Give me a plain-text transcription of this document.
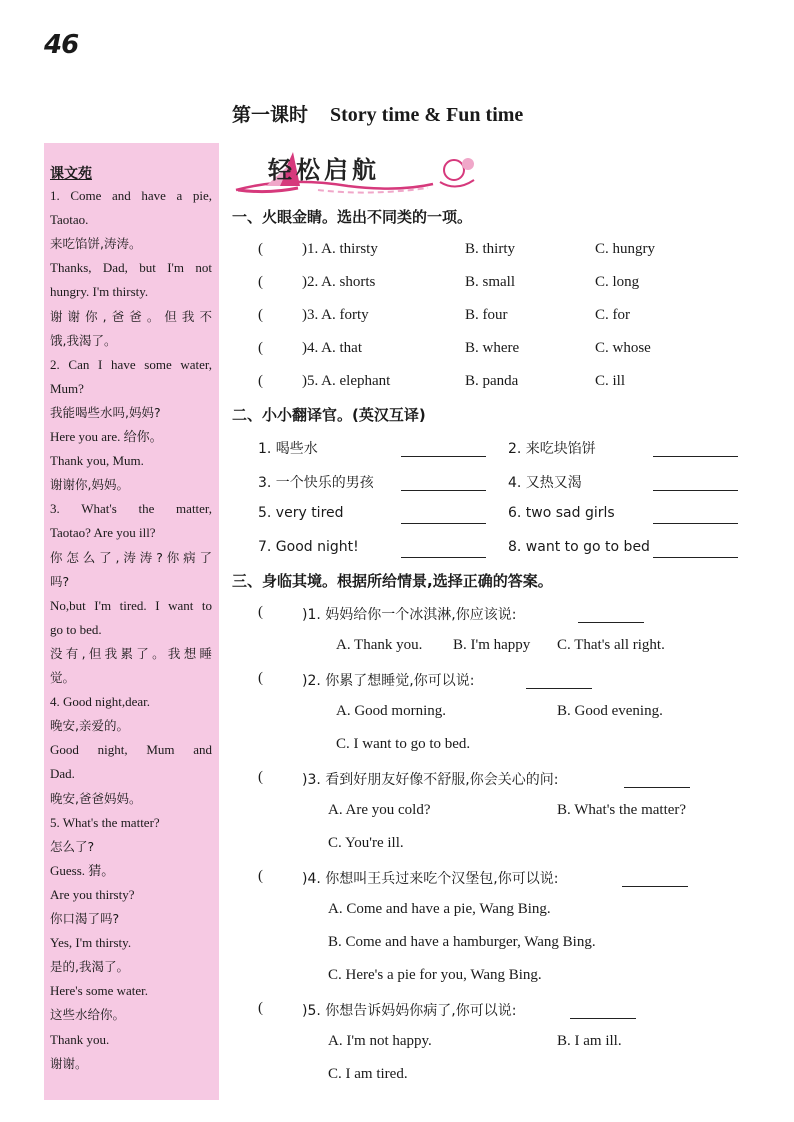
46
第一课时 Story time & Fun time
课文苑
1. Come and have a pie,
Taotao.
来吃馅饼,涛涛。
Thanks, Dad, but I'm not
hungry. I'm thirsty.
谢谢你,爸爸。但我不
饿,我渴了。
2. Can I have some water,
Mum?
我能喝些水吗,妈妈?
Here you are. 给你。
Thank you, Mum.
谢谢你,妈妈。
3. What's the matter,
Taotao? Are you ill?
你怎么了,涛涛?你病了
吗?
No,but I'm tired. I want to
go to bed.
没有,但我累了。我想睡
觉。
4. Good night,dear.
晚安,亲爱的。
Good night, Mum and
Dad.
晚安,爸爸妈妈。
5. What's the matter?
怎么了?
Guess. 猜。
Are you thirsty?
你口渴了吗?
Yes, I'm thirsty.
是的,我渴了。
Here's some water.
这些水给你。
Thank you.
谢谢。
轻松启航
一、火眼金睛。选出不同类的一项。
(	)1. A. thirsty	B. thirty	C. hungry
(	)2. A. shorts	B. small	C. long
(	)3. A. forty	B. four	C. for
(	)4. A. that	B. where	C. whose
(	)5. A. elephant	B. panda	C. ill
二、小小翻译官。(英汉互译)
1. 喝些水	2. 来吃块馅饼
3. 一个快乐的男孩	4. 又热又渴
5. very tired	6. two sad girls
7. Good night!	8. want to go to bed
三、身临其境。根据所给情景,选择正确的答案。
(	)1. 妈妈给你一个冰淇淋,你应该说:
A. Thank you. B. I'm happy C. That's all right.
(	)2. 你累了想睡觉,你可以说:
A. Good morning.	B. Good evening.
C. I want to go to bed.
(	)3. 看到好朋友好像不舒服,你会关心的问:
A. Are you cold?	B. What's the matter?
C. You're ill.
(	)4. 你想叫王兵过来吃个汉堡包,你可以说:
A. Come and have a pie, Wang Bing.
B. Come and have a hamburger, Wang Bing.
C. Here's a pie for you, Wang Bing.
(	)5. 你想告诉妈妈你病了,你可以说:
A. I'm not happy.	B. I am ill.
C. I am tired.
